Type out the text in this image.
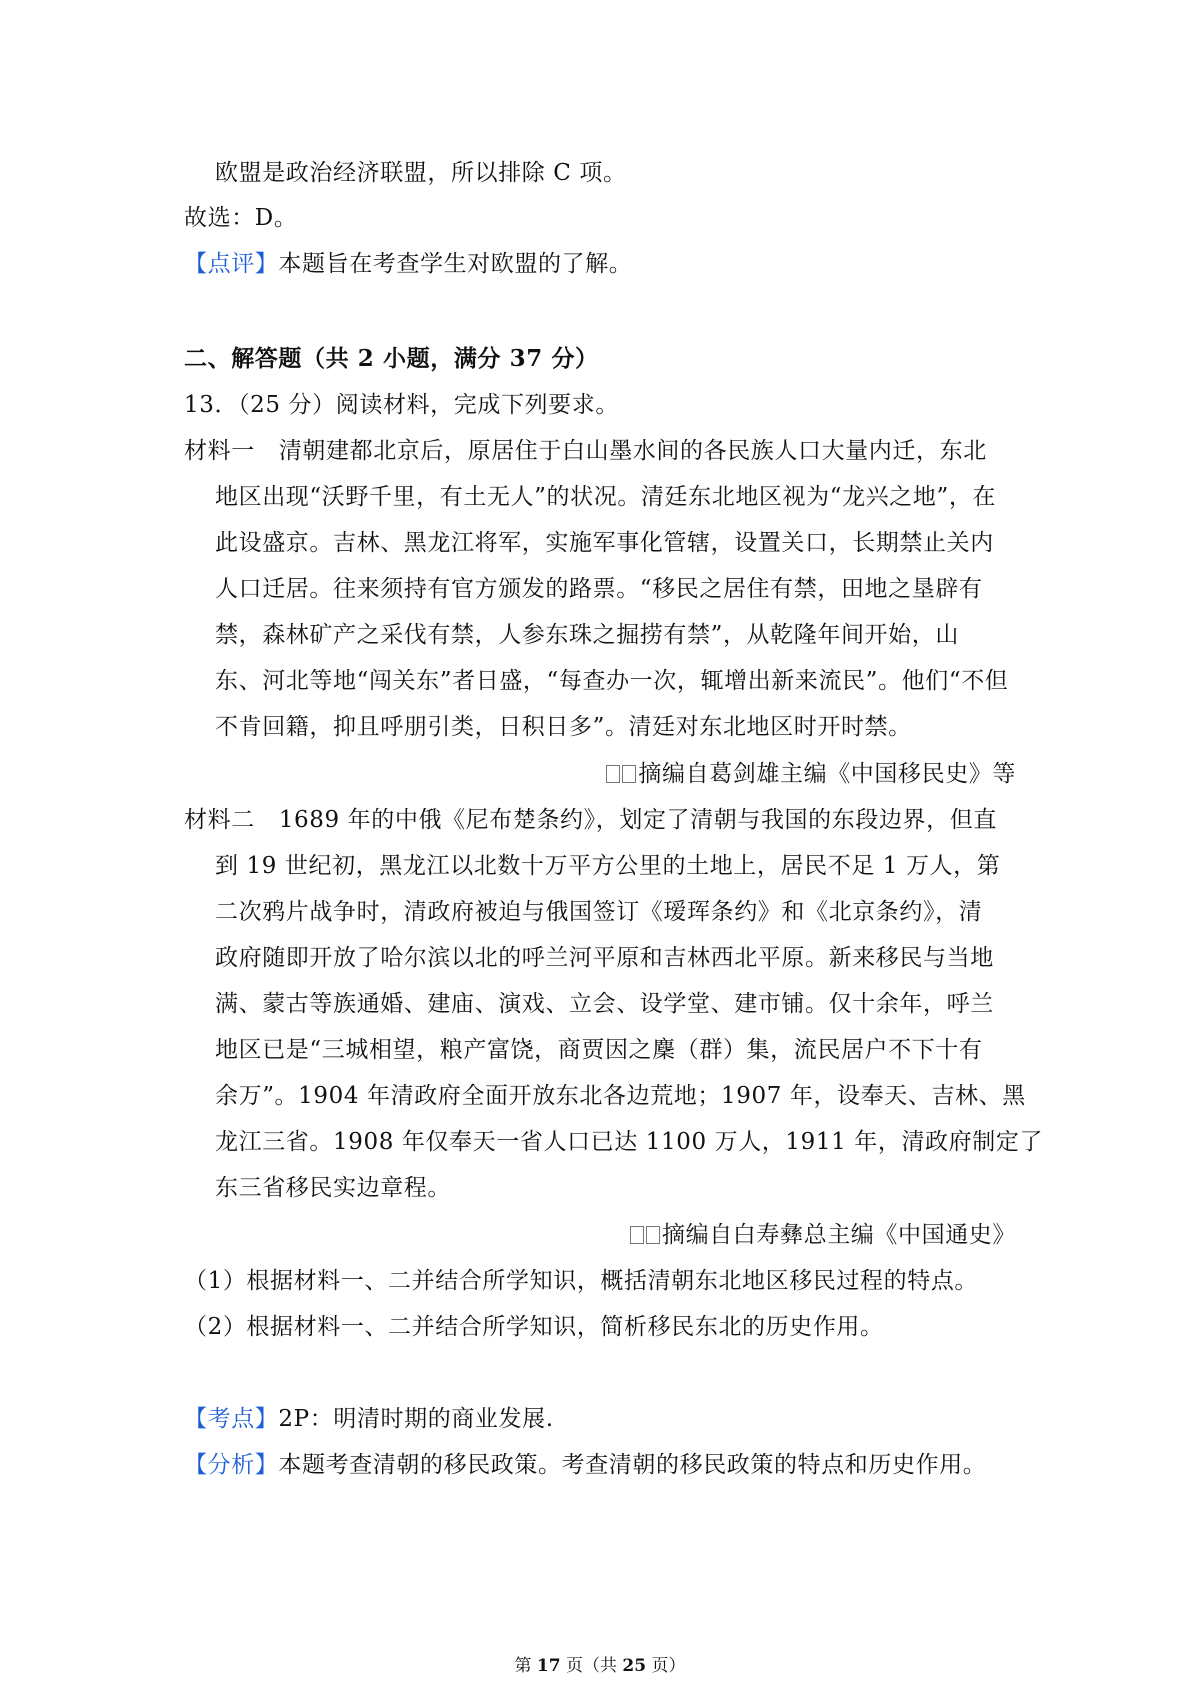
欧盟是政治经济联盟，所以排除 C 项。
故选：D。
【点评】本题旨在考查学生对欧盟的了解。
二、解答题（共 2 小题，满分 37 分）
13．（25 分）阅读材料，完成下列要求。
材料一 清朝建都北京后，原居住于白山墨水间的各民族人口大量内迁，东北
地区出现“沃野千里，有土无人”的状况。清廷东北地区视为“龙兴之地”，在
此设盛京。吉林、黑龙江将军，实施军事化管辖，设置关口，长期禁止关内
人口迁居。往来须持有官方颁发的路票。“移民之居住有禁，田地之垦辟有
禁，森林矿产之采伐有禁，人参东珠之掘捞有禁”，从乾隆年间开始，山
东、河北等地“闯关东”者日盛，“每查办一次，辄增出新来流民”。他们“不但
不肯回籍，抑且呼朋引类，日积日多”。清廷对东北地区时开时禁。
摘编自葛剑雄主编《中国移民史》等
材料二 1689 年的中俄《尼布楚条约》，划定了清朝与我国的东段边界，但直
到 19 世纪初，黑龙江以北数十万平方公里的土地上，居民不足 1 万人，第
二次鸦片战争时，清政府被迫与俄国签订《瑷珲条约》和《北京条约》，清
政府随即开放了哈尔滨以北的呼兰河平原和吉林西北平原。新来移民与当地
满、蒙古等族通婚、建庙、演戏、立会、设学堂、建市铺。仅十余年，呼兰
地区已是“三城相望，粮产富饶，商贾因之麇（群）集，流民居户不下十有
余万”。1904 年清政府全面开放东北各边荒地；1907 年，设奉天、吉林、黑
龙江三省。1908 年仅奉天一省人口已达 1100 万人，1911 年，清政府制定了
东三省移民实边章程。
摘编自白寿彝总主编《中国通史》
（1）根据材料一、二并结合所学知识，概括清朝东北地区移民过程的特点。
（2）根据材料一、二并结合所学知识，简析移民东北的历史作用。
【考点】2P：明清时期的商业发展.
【分析】本题考查清朝的移民政策。考查清朝的移民政策的特点和历史作用。
第 17 页（共 25 页）
